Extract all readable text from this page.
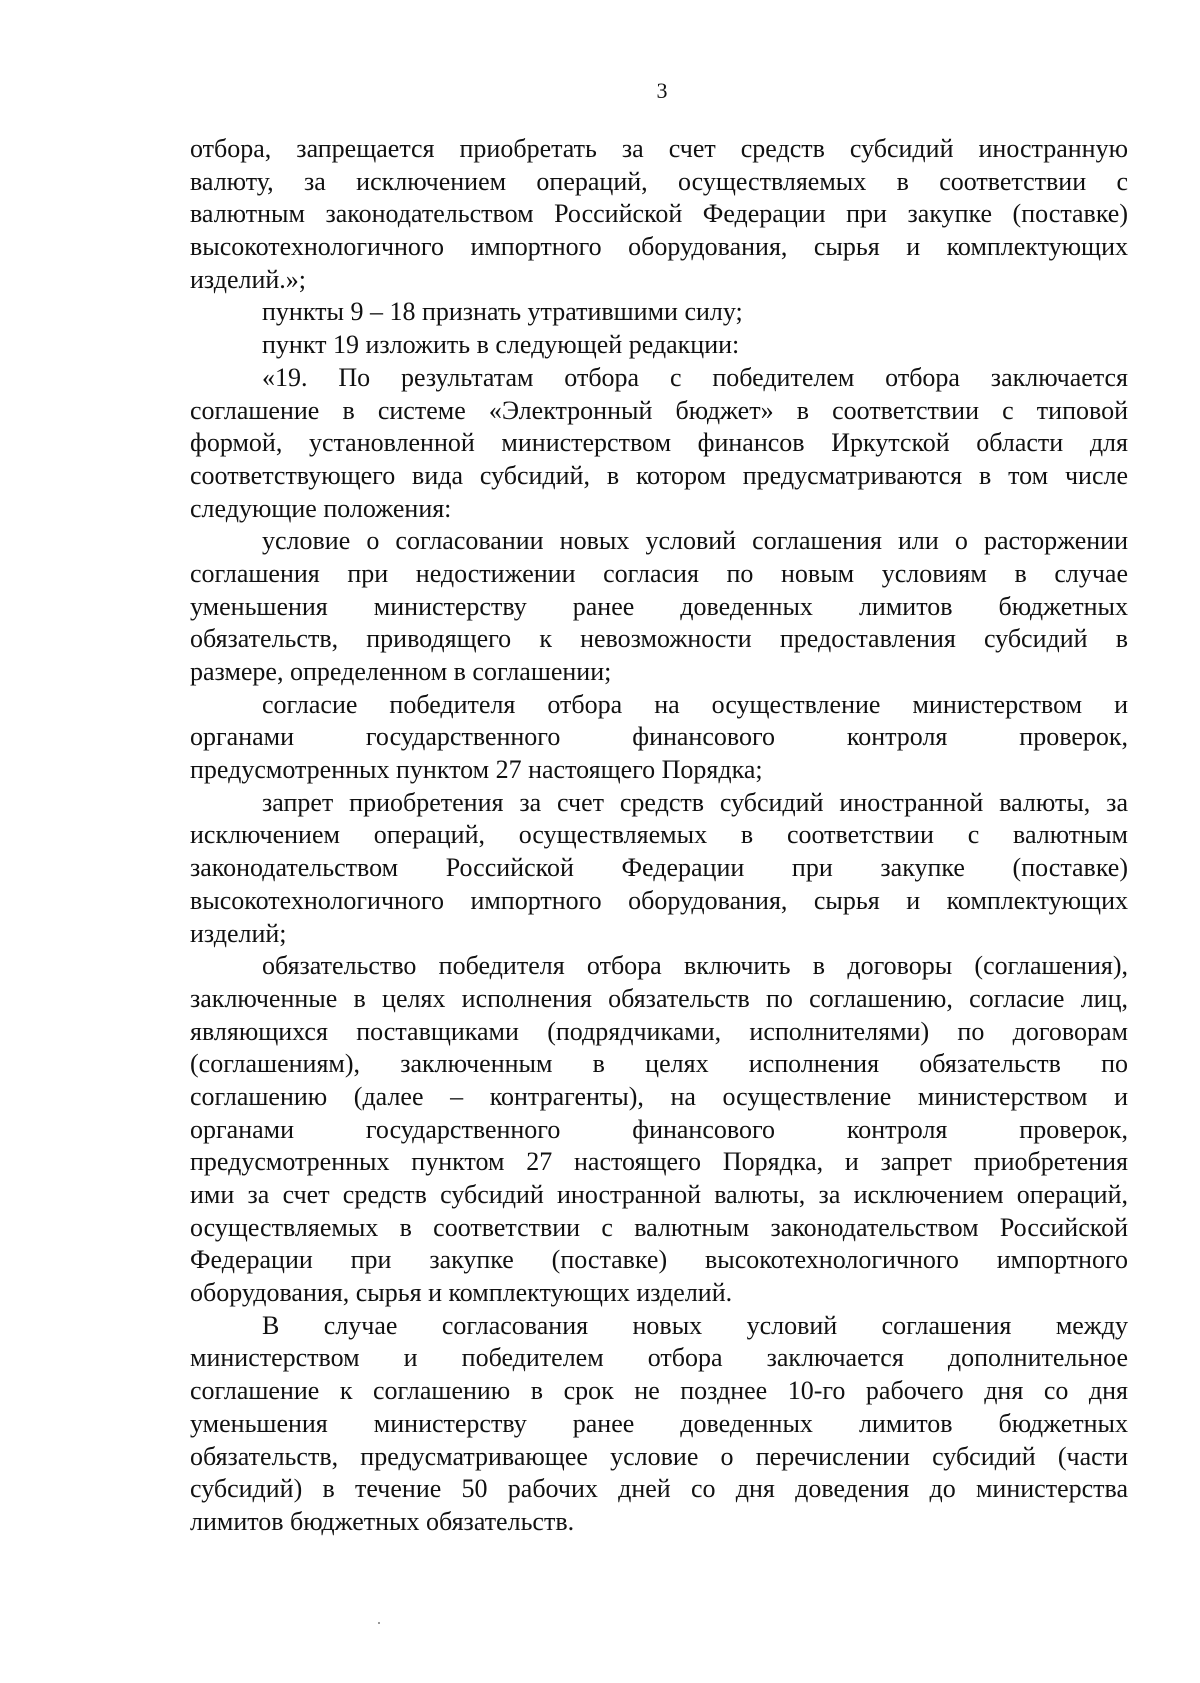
3
отбора, запрещается приобретать за счет средств субсидий иностранную
валюту, за исключением операций, осуществляемых в соответствии с
валютным законодательством Российской Федерации при закупке (поставке)
высокотехнологичного импортного оборудования, сырья и комплектующих
изделий.»;
пункты 9 – 18 признать утратившими силу;
пункт 19 изложить в следующей редакции:
«19. По результатам отбора с победителем отбора заключается
соглашение в системе «Электронный бюджет» в соответствии с типовой
формой, установленной министерством финансов Иркутской области для
соответствующего вида субсидий, в котором предусматриваются в том числе
следующие положения:
условие о согласовании новых условий соглашения или о расторжении
соглашения при недостижении согласия по новым условиям в случае
уменьшения министерству ранее доведенных лимитов бюджетных
обязательств, приводящего к невозможности предоставления субсидий в
размере, определенном в соглашении;
согласие победителя отбора на осуществление министерством и
органами государственного финансового контроля проверок,
предусмотренных пунктом 27 настоящего Порядка;
запрет приобретения за счет средств субсидий иностранной валюты, за
исключением операций, осуществляемых в соответствии с валютным
законодательством Российской Федерации при закупке (поставке)
высокотехнологичного импортного оборудования, сырья и комплектующих
изделий;
обязательство победителя отбора включить в договоры (соглашения),
заключенные в целях исполнения обязательств по соглашению, согласие лиц,
являющихся поставщиками (подрядчиками, исполнителями) по договорам
(соглашениям), заключенным в целях исполнения обязательств по
соглашению (далее – контрагенты), на осуществление министерством и
органами государственного финансового контроля проверок,
предусмотренных пунктом 27 настоящего Порядка, и запрет приобретения
ими за счет средств субсидий иностранной валюты, за исключением операций,
осуществляемых в соответствии с валютным законодательством Российской
Федерации при закупке (поставке) высокотехнологичного импортного
оборудования, сырья и комплектующих изделий.
В случае согласования новых условий соглашения между
министерством и победителем отбора заключается дополнительное
соглашение к соглашению в срок не позднее 10-го рабочего дня со дня
уменьшения министерству ранее доведенных лимитов бюджетных
обязательств, предусматривающее условие о перечислении субсидий (части
субсидий) в течение 50 рабочих дней со дня доведения до министерства
лимитов бюджетных обязательств.
